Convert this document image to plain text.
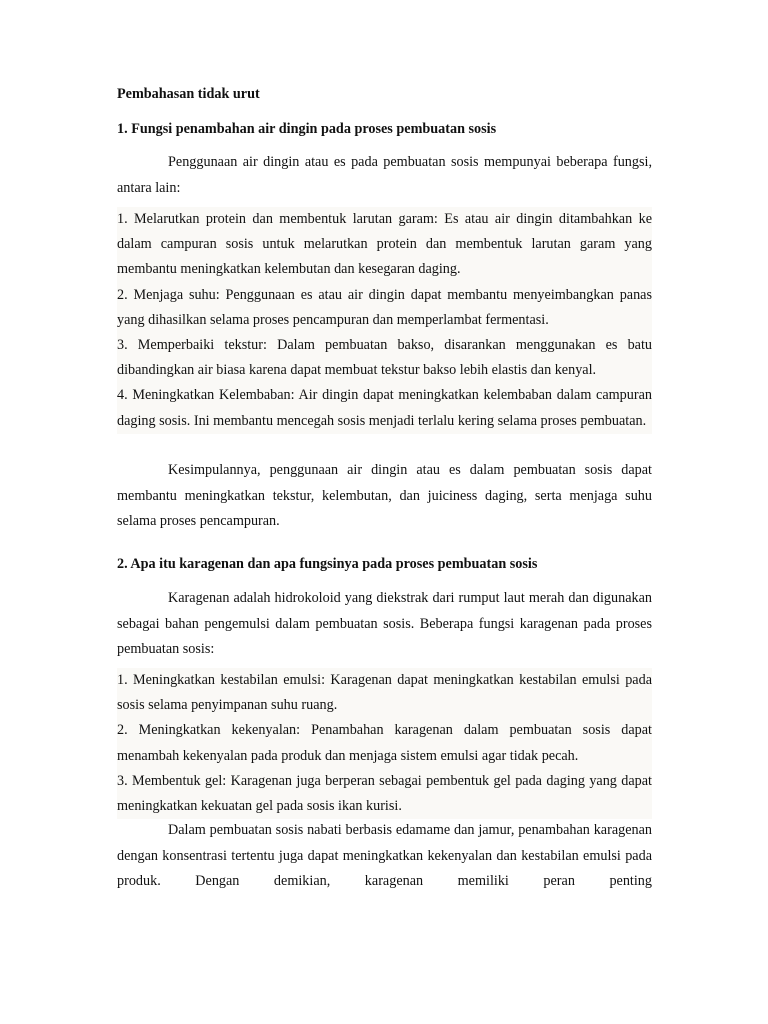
Pembahasan tidak urut
1. Fungsi penambahan air dingin pada proses pembuatan sosis
Penggunaan air dingin atau es pada pembuatan sosis mempunyai beberapa fungsi, antara lain:

1. Melarutkan protein dan membentuk larutan garam: Es atau air dingin ditambahkan ke dalam campuran sosis untuk melarutkan protein dan membentuk larutan garam yang membantu meningkatkan kelembutan dan kesegaran daging.

2. Menjaga suhu: Penggunaan es atau air dingin dapat membantu menyeimbangkan panas yang dihasilkan selama proses pencampuran dan memperlambat fermentasi.

3. Memperbaiki tekstur: Dalam pembuatan bakso, disarankan menggunakan es batu dibandingkan air biasa karena dapat membuat tekstur bakso lebih elastis dan kenyal.

4. Meningkatkan Kelembaban: Air dingin dapat meningkatkan kelembaban dalam campuran daging sosis. Ini membantu mencegah sosis menjadi terlalu kering selama proses pembuatan.

Kesimpulannya, penggunaan air dingin atau es dalam pembuatan sosis dapat membantu meningkatkan tekstur, kelembutan, dan juiciness daging, serta menjaga suhu selama proses pencampuran.
2. Apa itu karagenan dan apa fungsinya pada proses pembuatan sosis
Karagenan adalah hidrokoloid yang diekstrak dari rumput laut merah dan digunakan sebagai bahan pengemulsi dalam pembuatan sosis. Beberapa fungsi karagenan pada proses pembuatan sosis:

1. Meningkatkan kestabilan emulsi: Karagenan dapat meningkatkan kestabilan emulsi pada sosis selama penyimpanan suhu ruang.

2. Meningkatkan kekenyalan: Penambahan karagenan dalam pembuatan sosis dapat menambah kekenyalan pada produk dan menjaga sistem emulsi agar tidak pecah.

3. Membentuk gel: Karagenan juga berperan sebagai pembentuk gel pada daging yang dapat meningkatkan kekuatan gel pada sosis ikan kurisi.

Dalam pembuatan sosis nabati berbasis edamame dan jamur, penambahan karagenan dengan konsentrasi tertentu juga dapat meningkatkan kekenyalan dan kestabilan emulsi pada produk. Dengan demikian, karagenan memiliki peran penting
